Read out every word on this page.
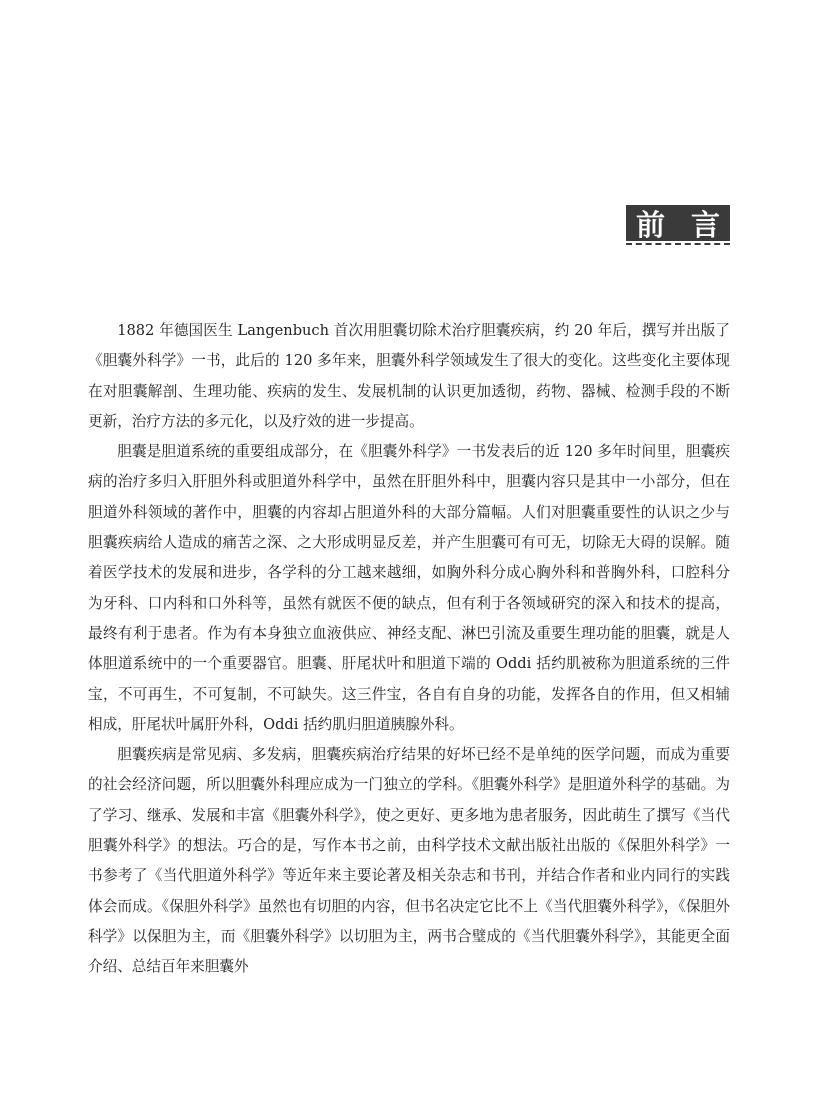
前 言

1882 年德国医生 Langenbuch 首次用胆囊切除术治疗胆囊疾病，约 20 年后，撰写并出版了《胆囊外科学》一书，此后的 120 多年来，胆囊外科学领域发生了很大的变化。这些变化主要体现在对胆囊解剖、生理功能、疾病的发生、发展机制的认识更加透彻，药物、器械、检测手段的不断更新，治疗方法的多元化，以及疗效的进一步提高。

胆囊是胆道系统的重要组成部分，在《胆囊外科学》一书发表后的近 120 多年时间里，胆囊疾病的治疗多归入肝胆外科或胆道外科学中，虽然在肝胆外科中，胆囊内容只是其中一小部分，但在胆道外科领域的著作中，胆囊的内容却占胆道外科的大部分篇幅。人们对胆囊重要性的认识之少与胆囊疾病给人造成的痛苦之深、之大形成明显反差，并产生胆囊可有可无，切除无大碍的误解。随着医学技术的发展和进步，各学科的分工越来越细，如胸外科分成心胸外科和普胸外科，口腔科分为牙科、口内科和口外科等，虽然有就医不便的缺点，但有利于各领域研究的深入和技术的提高，最终有利于患者。作为有本身独立血液供应、神经支配、淋巴引流及重要生理功能的胆囊，就是人体胆道系统中的一个重要器官。胆囊、肝尾状叶和胆道下端的 Oddi 括约肌被称为胆道系统的三件宝，不可再生，不可复制，不可缺失。这三件宝，各自有自身的功能，发挥各自的作用，但又相辅相成，肝尾状叶属肝外科，Oddi 括约肌归胆道胰腺外科。

胆囊疾病是常见病、多发病，胆囊疾病治疗结果的好坏已经不是单纯的医学问题，而成为重要的社会经济问题，所以胆囊外科理应成为一门独立的学科。《胆囊外科学》是胆道外科学的基础。为了学习、继承、发展和丰富《胆囊外科学》，使之更好、更多地为患者服务，因此萌生了撰写《当代胆囊外科学》的想法。巧合的是，写作本书之前，由科学技术文献出版社出版的《保胆外科学》一书参考了《当代胆道外科学》等近年来主要论著及相关杂志和书刊，并结合作者和业内同行的实践体会而成。《保胆外科学》虽然也有切胆的内容，但书名决定它比不上《当代胆囊外科学》，《保胆外科学》以保胆为主，而《胆囊外科学》以切胆为主，两书合璧成的《当代胆囊外科学》，其能更全面介绍、总结百年来胆囊外
